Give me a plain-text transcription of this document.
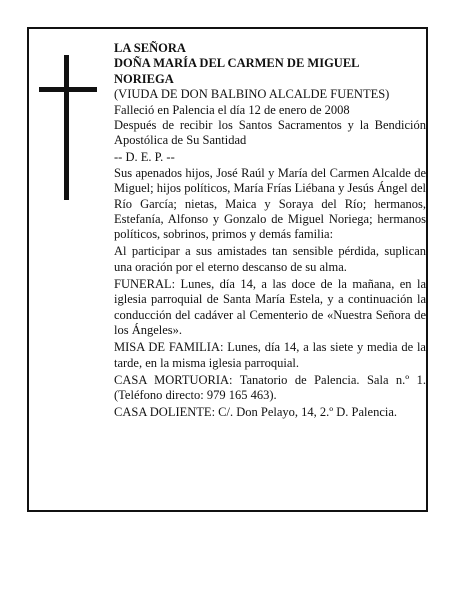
LA SEÑORA

DOÑA MARÍA DEL CARMEN DE MIGUEL

NORIEGA

(VIUDA DE DON BALBINO ALCALDE FUENTES)

Falleció en Palencia el día 12 de enero de 2008

Después de recibir los Santos Sacramentos y la Bendición Apostólica de Su Santidad

-- D. E. P. --

Sus apenados hijos, José Raúl y María del Carmen Alcalde de Miguel; hijos políticos, María Frías Liébana y Jesús Ángel del Río García; nietas, Maica y Soraya del Río; hermanos, Estefanía, Alfonso y Gonzalo de Miguel Noriega; hermanos políticos, sobrinos, primos y demás familia:

Al participar a sus amistades tan sensible pérdida, suplican una oración por el eterno descanso de su alma.

FUNERAL: Lunes, día 14, a las doce de la mañana, en la iglesia parroquial de Santa María Estela, y a continuación la conducción del cadáver al Cementerio de «Nuestra Señora de los Ángeles».

MISA DE FAMILIA: Lunes, día 14, a las siete y media de la tarde, en la misma iglesia parroquial.

CASA MORTUORIA: Tanatorio de Palencia. Sala n.º 1. (Teléfono directo: 979 165 463).

CASA DOLIENTE: C/. Don Pelayo, 14, 2.º D. Palencia.
